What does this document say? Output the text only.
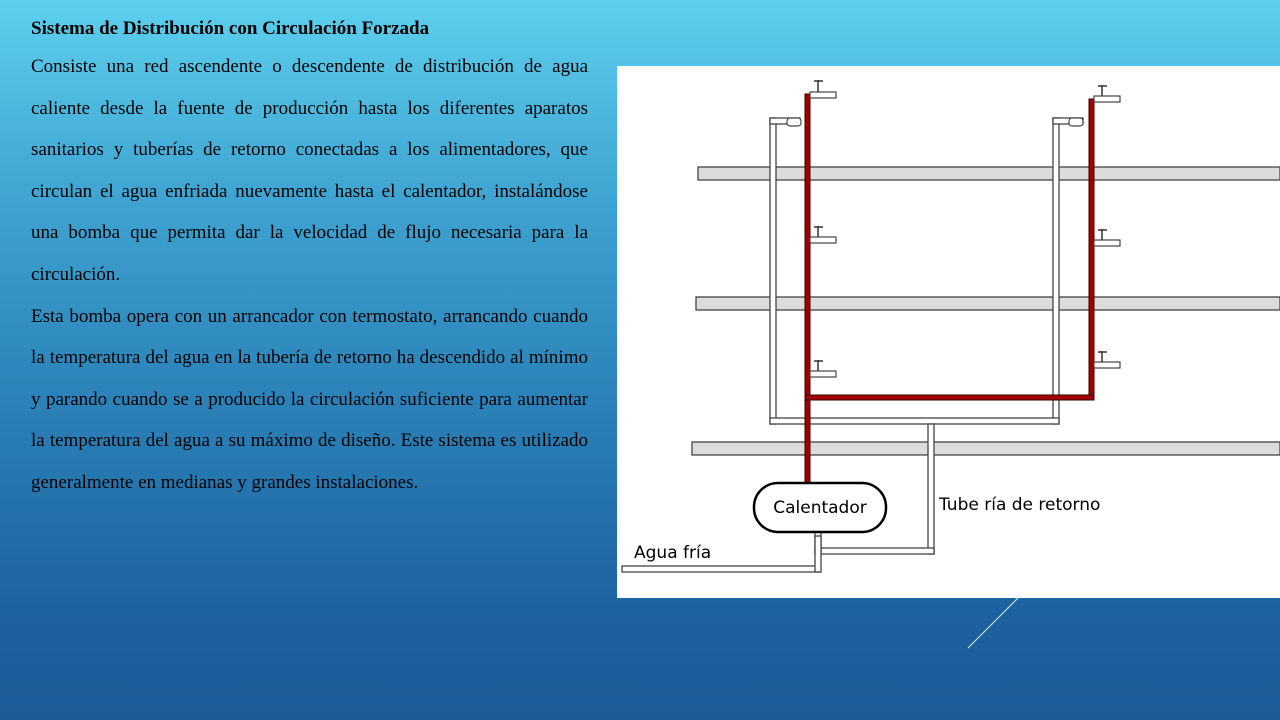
Sistema de Distribución con Circulación Forzada

Consiste una red ascendente o descendente de distribución de agua caliente desde la fuente de producción hasta los diferentes aparatos sanitarios y tuberías de retorno conectadas a los alimentadores, que circulan el agua enfriada nuevamente hasta el calentador, instalándose una bomba que permita dar la velocidad de flujo necesaria para la circulación.

Esta bomba opera con un arrancador con termostato, arrancando cuando la temperatura del agua en la tubería de retorno ha descendido al mínimo y parando cuando se a producido la circulación suficiente para aumentar la temperatura del agua a su máximo de diseño. Este sistema es utilizado generalmente en medianas y grandes instalaciones.

Calentador	Tube ría de retorno
Agua fría
